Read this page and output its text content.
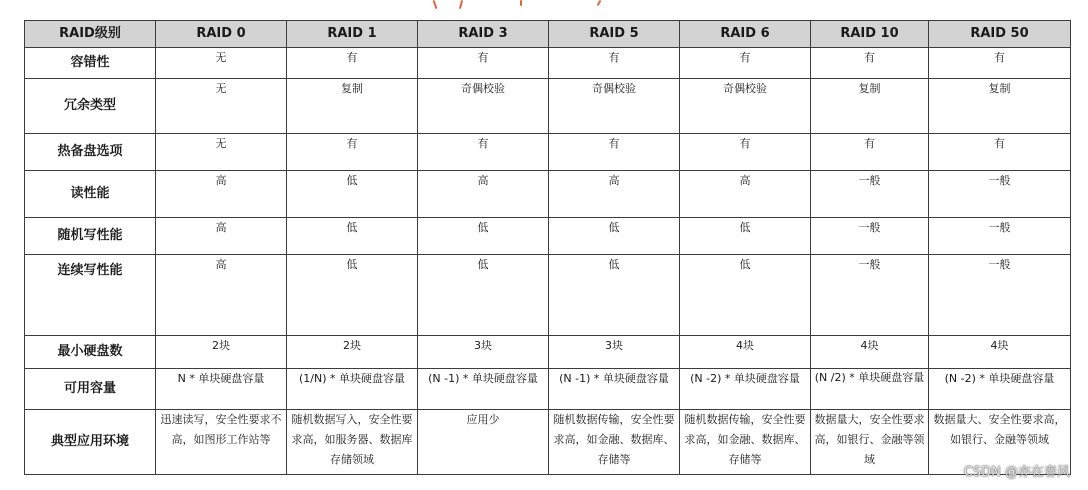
RAID级别	RAID 0	RAID 1	RAID 3	RAID 5	RAID 6	RAID 10	RAID 50
容错性	无	有	有	有	有	有	有
冗余类型	无	复制	奇偶校验	奇偶校验	奇偶校验	复制	复制
热备盘选项	无	有	有	有	有	有	有
读性能	高	低	高	高	高	一般	一般
随机写性能	高	低	低	低	低	一般	一般
连续写性能	高	低	低	低	低	一般	一般
最小硬盘数	2块	2块	3块	3块	4块	4块	4块
可用容量	N * 单块硬盘容量	(1/N) * 单块硬盘容量	(N -1) * 单块硬盘容量	(N -1) * 单块硬盘容量	(N -2) * 单块硬盘容量	(N /2) * 单块硬盘容量	(N -2) * 单块硬盘容量
典型应用环境	迅速读写，安全性要求不高，如图形工作站等	随机数据写入，安全性要求高，如服务器、数据库存储领域	应用少	随机数据传输，安全性要求高，如金融、数据库、存储等	随机数据传输，安全性要求高，如金融、数据库、存储等	数据量大，安全性要求高，如银行、金融等领域	数据量大、安全性要求高，如银行、金融等领域
CSDN @亦在春风
